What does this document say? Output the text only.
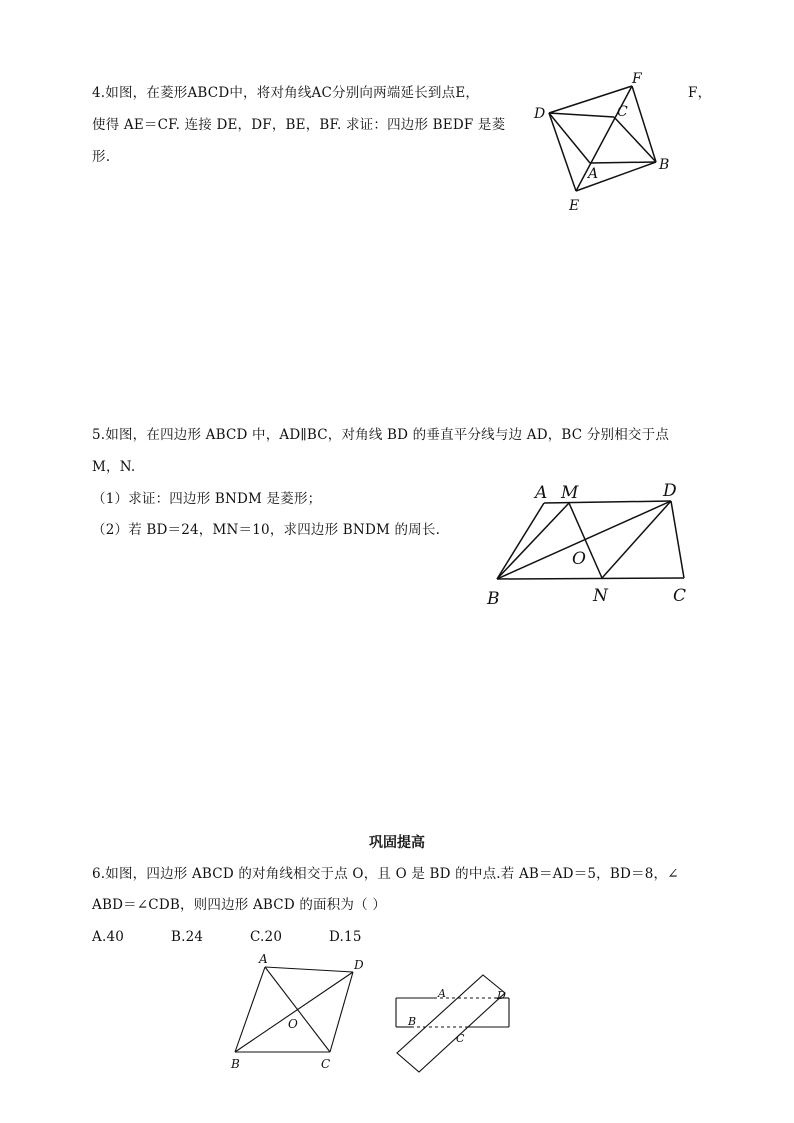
4.如图，在菱形ABCD中，将对角线AC分别向两端延长到点E，	F，
使得 AE＝CF. 连接 DE，DF，BE，BF. 求证：四边形 BEDF 是菱
形.
F
D	C
B
A
E
5.如图，在四边形 ABCD 中，AD∥BC，对角线 BD 的垂直平分线与边 AD，BC 分别相交于点
M，N.
（1）求证：四边形 BNDM 是菱形；
（2）若 BD＝24，MN＝10，求四边形 BNDM 的周长.
A M	D
O
B	N	C
巩固提高
6.如图，四边形 ABCD 的对角线相交于点 O，且 O 是 BD 的中点.若 AB＝AD＝5，BD＝8，∠
ABD＝∠CDB，则四边形 ABCD 的面积为（ ）
A.40	B.24	C.20	D.15
A	D
O
B	C
A	D
B
C
